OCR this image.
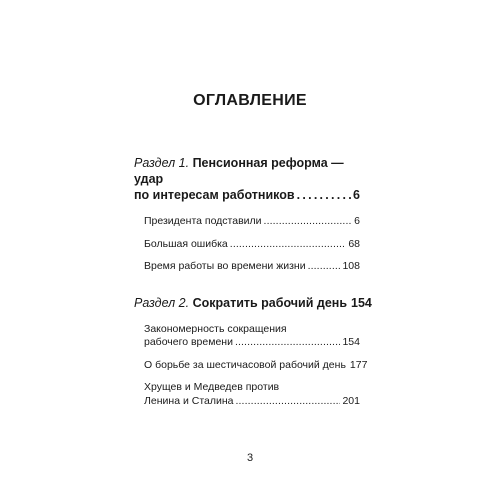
ОГЛАВЛЕНИЕ
Раздел 1. Пенсионная реформа — удар
по интересам работников . . .	6
Президента подставили . . .	6
Большая ошибка . . .	68
Время работы во времени жизни . . .	108
Раздел 2. Сократить рабочий день 154
Закономерность сокращения
рабочего времени . . .	154
О борьбе за шестичасовой рабочий день 177
Хрущев и Медведев против
Ленина и Сталина . . .	201
3
